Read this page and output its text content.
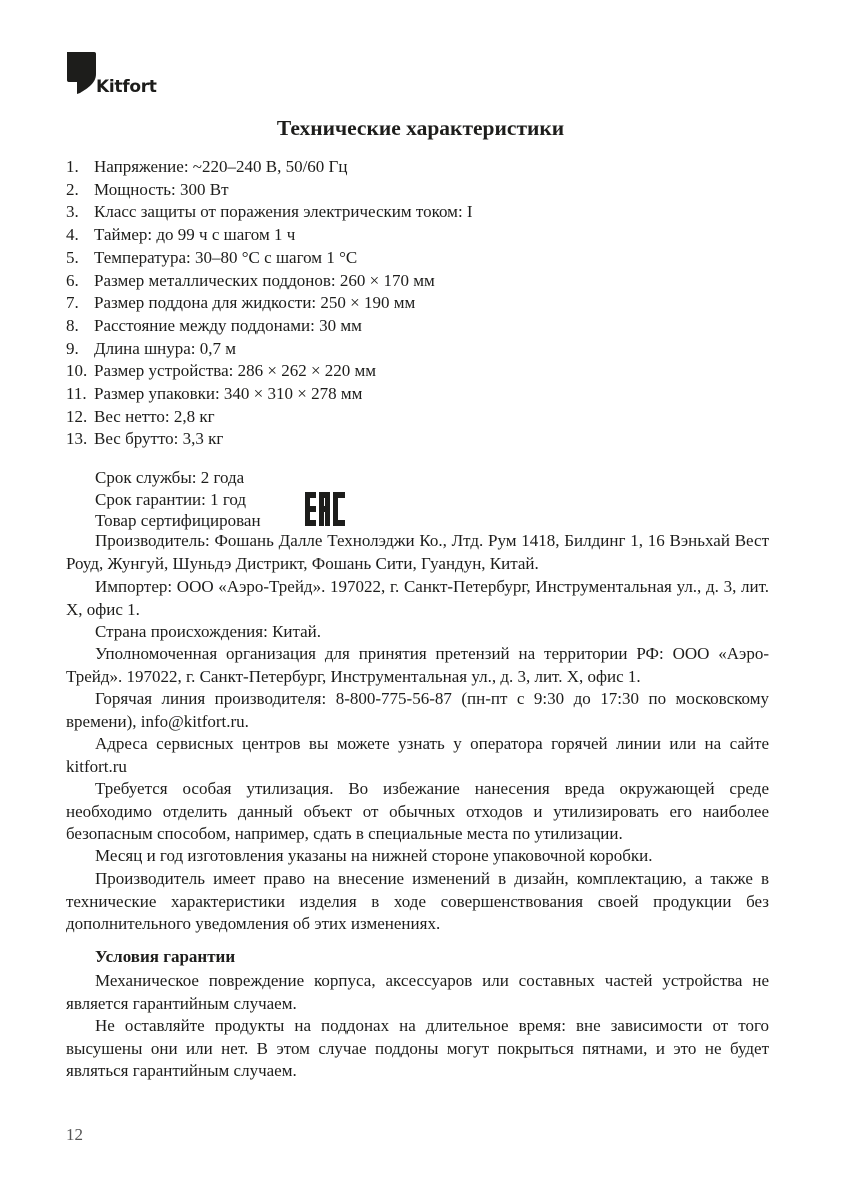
Kitfort
Технические характеристики
1. Напряжение: ~220–240 В, 50/60 Гц
2. Мощность: 300 Вт
3. Класс защиты от поражения электрическим током: I
4. Таймер: до 99 ч с шагом 1 ч
5. Температура: 30–80 °C с шагом 1 °C
6. Размер металлических поддонов: 260 × 170 мм
7. Размер поддона для жидкости: 250 × 190 мм
8. Расстояние между поддонами: 30 мм
9. Длина шнура: 0,7 м
10. Размер устройства: 286 × 262 × 220 мм
11. Размер упаковки: 340 × 310 × 278 мм
12. Вес нетто: 2,8 кг
13. Вес брутто: 3,3 кг
Срок службы: 2 года
Срок гарантии: 1 год
Товар сертифицирован

Производитель: Фошань Далле Технолэджи Ко., Лтд. Рум 1418, Билдинг 1, 16 Вэньхай Вест Роуд, Жунгуй, Шуньдэ Дистрикт, Фошань Сити, Гуандун, Китай.

Импортер: ООО «Аэро-Трейд». 197022, г. Санкт-Петербург, Инструментальная ул., д. 3, лит. Х, офис 1.

Страна происхождения: Китай.

Уполномоченная организация для принятия претензий на территории РФ: ООО «Аэро-Трейд». 197022, г. Санкт-Петербург, Инструментальная ул., д. 3, лит. Х, офис 1.

Горячая линия производителя: 8-800-775-56-87 (пн-пт с 9:30 до 17:30 по московскому времени), info@kitfort.ru.

Адреса сервисных центров вы можете узнать у оператора горячей линии или на сайте kitfort.ru

Требуется особая утилизация. Во избежание нанесения вреда окружающей среде необходимо отделить данный объект от обычных отходов и утилизировать его наиболее безопасным способом, например, сдать в специальные места по утилизации.

Месяц и год изготовления указаны на нижней стороне упаковочной коробки.

Производитель имеет право на внесение изменений в дизайн, комплектацию, а также в технические характеристики изделия в ходе совершенствования своей продукции без дополнительного уведомления об этих изменениях.

Условия гарантии

Механическое повреждение корпуса, аксессуаров или составных частей устройства не является гарантийным случаем.

Не оставляйте продукты на поддонах на длительное время: вне зависимости от того высушены они или нет. В этом случае поддоны могут покрыться пятнами, и это не будет являться гарантийным случаем.

12
